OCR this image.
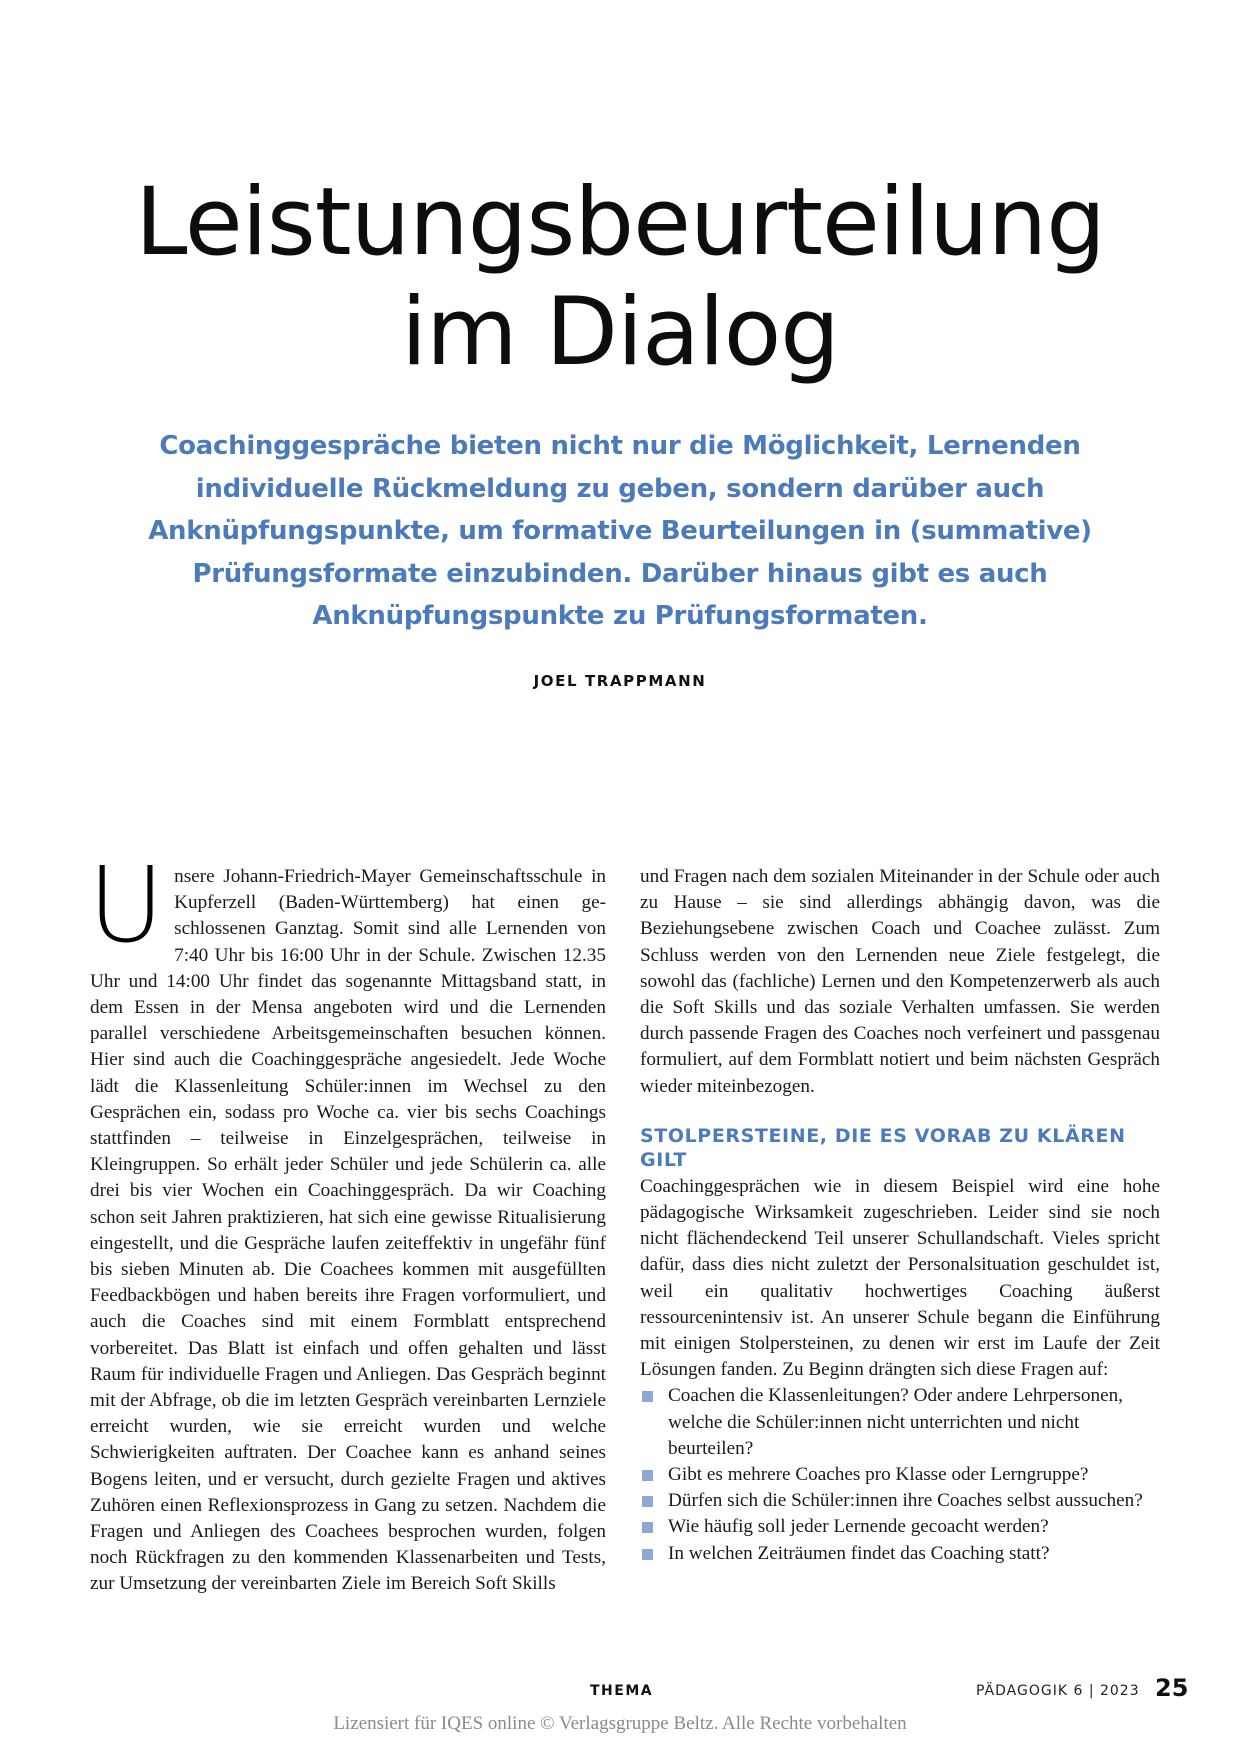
Leistungsbeurteilung
im Dialog

Coachinggespräche bieten nicht nur die Möglichkeit, Lernenden individuelle Rückmeldung zu geben, sondern darüber auch Anknüpfungspunkte, um formative Beurteilungen in (summative) Prüfungsformate einzubinden. Darüber hinaus gibt es auch Anknüpfungspunkte zu Prüfungsformaten.

JOEL TRAPPMANN

Unsere Johann-Friedrich-Mayer Gemeinschaftsschule in Kupferzell (Baden-Württemberg) hat einen geschlossenen Ganztag. Somit sind alle Lernenden von 7:40 Uhr bis 16:00 Uhr in der Schule. Zwischen 12.35 Uhr und 14:00 Uhr findet das sogenannte Mittagsband statt, in dem Essen in der Mensa angeboten wird und die Lernenden parallel verschiedene Arbeitsgemeinschaften besuchen können. Hier sind auch die Coachinggespräche angesiedelt. Jede Woche lädt die Klassenleitung Schüler:innen im Wechsel zu den Gesprächen ein, sodass pro Woche ca. vier bis sechs Coachings stattfinden – teilweise in Einzelgesprächen, teilweise in Kleingruppen. So erhält jeder Schüler und jede Schülerin ca. alle drei bis vier Wochen ein Coachinggespräch. Da wir Coaching schon seit Jahren praktizieren, hat sich eine gewisse Ritualisierung eingestellt, und die Gespräche laufen zeiteffektiv in ungefähr fünf bis sieben Minuten ab. Die Coachees kommen mit ausgefüllten Feedbackbögen und haben bereits ihre Fragen vorformuliert, und auch die Coaches sind mit einem Formblatt entsprechend vorbereitet. Das Blatt ist einfach und offen gehalten und lässt Raum für individuelle Fragen und Anliegen. Das Gespräch beginnt mit der Abfrage, ob die im letzten Gespräch vereinbarten Lernziele erreicht wurden, wie sie erreicht wurden und welche Schwierigkeiten auftraten. Der Coachee kann es anhand seines Bogens leiten, und er versucht, durch gezielte Fragen und aktives Zuhören einen Reflexionsprozess in Gang zu setzen. Nachdem die Fragen und Anliegen des Coachees besprochen wurden, folgen noch Rückfragen zu den kommenden Klassenarbeiten und Tests, zur Umsetzung der vereinbarten Ziele im Bereich Soft Skills

und Fragen nach dem sozialen Miteinander in der Schule oder auch zu Hause – sie sind allerdings abhängig davon, was die Beziehungsebene zwischen Coach und Coachee zulässt. Zum Schluss werden von den Lernenden neue Ziele festgelegt, die sowohl das (fachliche) Lernen und den Kompetenzerwerb als auch die Soft Skills und das soziale Verhalten umfassen. Sie werden durch passende Fragen des Coaches noch verfeinert und passgenau formuliert, auf dem Formblatt notiert und beim nächsten Gespräch wieder miteinbezogen.

STOLPERSTEINE, DIE ES VORAB ZU KLÄREN GILT

Coachinggesprächen wie in diesem Beispiel wird eine hohe pädagogische Wirksamkeit zugeschrieben. Leider sind sie noch nicht flächendeckend Teil unserer Schullandschaft. Vieles spricht dafür, dass dies nicht zuletzt der Personalsituation geschuldet ist, weil ein qualitativ hochwertiges Coaching äußerst ressourcenintensiv ist. An unserer Schule begann die Einführung mit einigen Stolpersteinen, zu denen wir erst im Laufe der Zeit Lösungen fanden. Zu Beginn drängten sich diese Fragen auf:

Coachen die Klassenleitungen? Oder andere Lehrpersonen, welche die Schüler:innen nicht unterrichten und nicht beurteilen?
Gibt es mehrere Coaches pro Klasse oder Lerngruppe?
Dürfen sich die Schüler:innen ihre Coaches selbst aussuchen?
Wie häufig soll jeder Lernende gecoacht werden?
In welchen Zeiträumen findet das Coaching statt?
THEMA	PÄDAGOGIK 6 | 2023 25
Lizensiert für IQES online © Verlagsgruppe Beltz. Alle Rechte vorbehalten
